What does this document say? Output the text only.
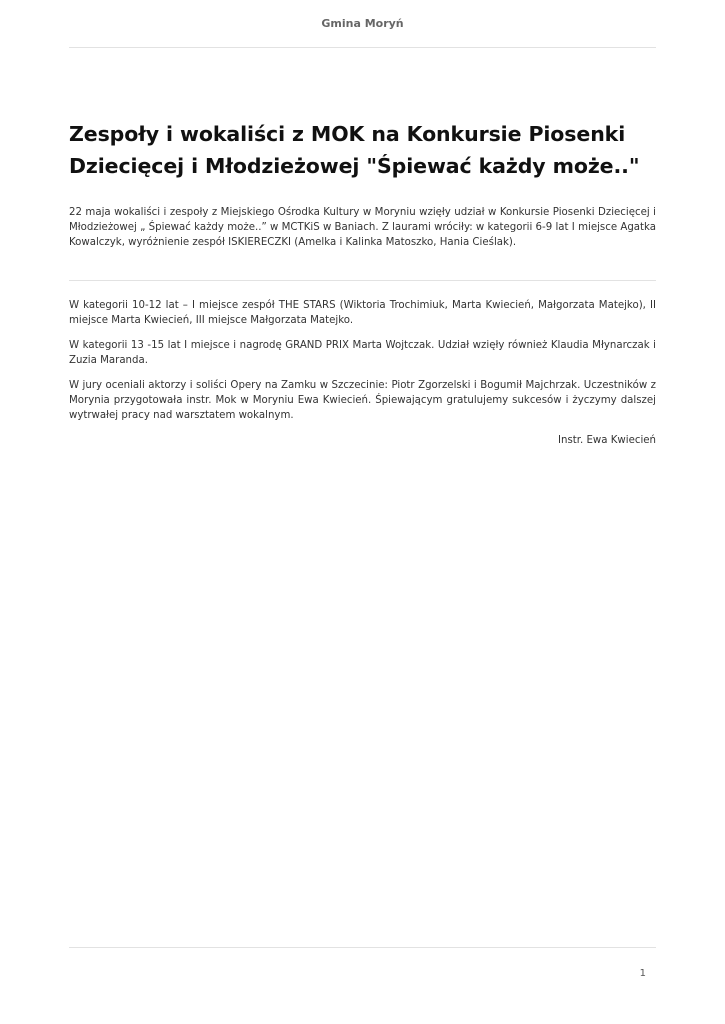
Gmina Moryń
Zespoły i wokaliści z MOK na Konkursie Piosenki Dziecięcej i Młodzieżowej "Śpiewać każdy może.."

22 maja wokaliści i zespoły z Miejskiego Ośrodka Kultury w Moryniu wzięły udział w Konkursie Piosenki Dziecięcej i Młodzieżowej „ Śpiewać każdy może..” w MCTKiS w Baniach. Z laurami wróciły: w kategorii 6-9 lat I miejsce Agatka Kowalczyk, wyróżnienie zespół ISKIERECZKI (Amelka i Kalinka Matoszko, Hania Cieślak).

W kategorii 10-12 lat – I miejsce zespół THE STARS (Wiktoria Trochimiuk, Marta Kwiecień, Małgorzata Matejko), II miejsce Marta Kwiecień, III miejsce Małgorzata Matejko.

W kategorii 13 -15 lat I miejsce i nagrodę GRAND PRIX Marta Wojtczak. Udział wzięły również Klaudia Młynarczak i Zuzia Maranda.

W jury oceniali aktorzy i soliści Opery na Zamku w Szczecinie: Piotr Zgorzelski i Bogumił Majchrzak. Uczestników z Morynia przygotowała instr. Mok w Moryniu Ewa Kwiecień. Śpiewającym gratulujemy sukcesów i życzymy dalszej wytrwałej pracy nad warsztatem wokalnym.

Instr. Ewa Kwiecień

1
